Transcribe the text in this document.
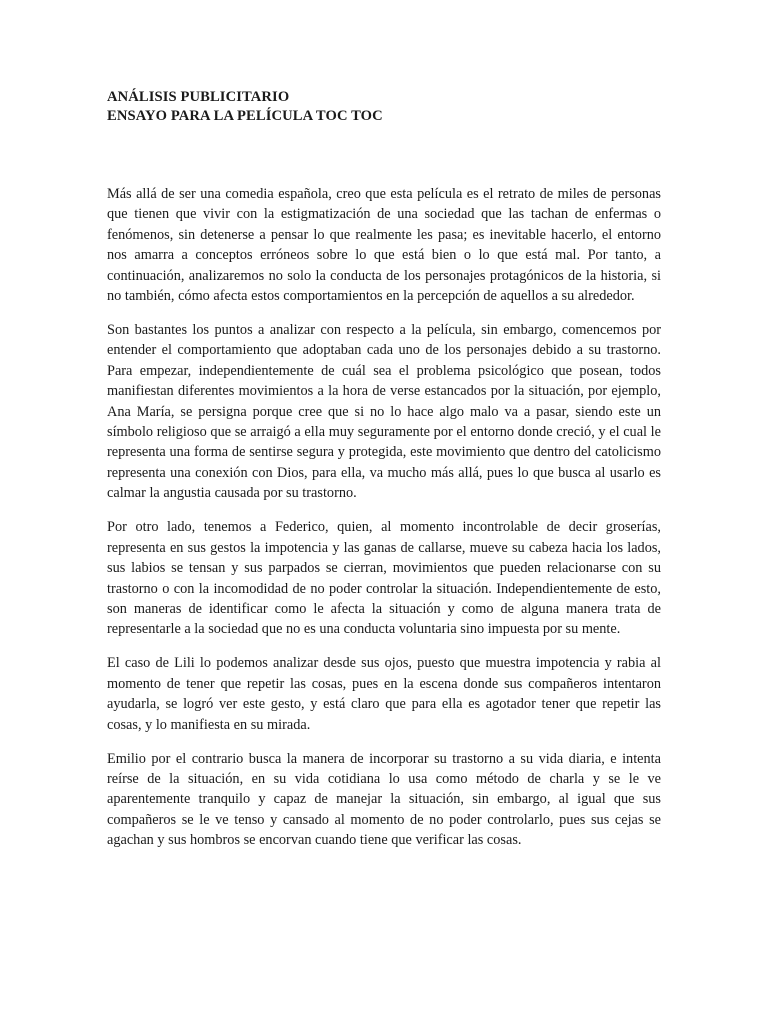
ANÁLISIS PUBLICITARIO
ENSAYO PARA LA PELÍCULA TOC TOC

Más allá de ser una comedia española, creo que esta película es el retrato de miles de personas que tienen que vivir con la estigmatización de una sociedad que las tachan de enfermas o fenómenos, sin detenerse a pensar lo que realmente les pasa; es inevitable hacerlo, el entorno nos amarra a conceptos erróneos sobre lo que está bien o lo que está mal. Por tanto, a continuación, analizaremos no solo la conducta de los personajes protagónicos de la historia, si no también, cómo afecta estos comportamientos en la percepción de aquellos a su alrededor.

Son bastantes los puntos a analizar con respecto a la película, sin embargo, comencemos por entender el comportamiento que adoptaban cada uno de los personajes debido a su trastorno. Para empezar, independientemente de cuál sea el problema psicológico que posean, todos manifiestan diferentes movimientos a la hora de verse estancados por la situación, por ejemplo, Ana María, se persigna porque cree que si no lo hace algo malo va a pasar, siendo este un símbolo religioso que se arraigó a ella muy seguramente por el entorno donde creció, y el cual le representa una forma de sentirse segura y protegida, este movimiento que dentro del catolicismo representa una conexión con Dios, para ella, va mucho más allá, pues lo que busca al usarlo es calmar la angustia causada por su trastorno.

Por otro lado, tenemos a Federico, quien, al momento incontrolable de decir groserías, representa en sus gestos la impotencia y las ganas de callarse, mueve su cabeza hacia los lados, sus labios se tensan y sus parpados se cierran, movimientos que pueden relacionarse con su trastorno o con la incomodidad de no poder controlar la situación. Independientemente de esto, son maneras de identificar como le afecta la situación y como de alguna manera trata de representarle a la sociedad que no es una conducta voluntaria sino impuesta por su mente.

El caso de Lili lo podemos analizar desde sus ojos, puesto que muestra impotencia y rabia al momento de tener que repetir las cosas, pues en la escena donde sus compañeros intentaron ayudarla, se logró ver este gesto, y está claro que para ella es agotador tener que repetir las cosas, y lo manifiesta en su mirada.

Emilio por el contrario busca la manera de incorporar su trastorno a su vida diaria, e intenta reírse de la situación, en su vida cotidiana lo usa como método de charla y se le ve aparentemente tranquilo y capaz de manejar la situación, sin embargo, al igual que sus compañeros se le ve tenso y cansado al momento de no poder controlarlo, pues sus cejas se agachan y sus hombros se encorvan cuando tiene que verificar las cosas.
